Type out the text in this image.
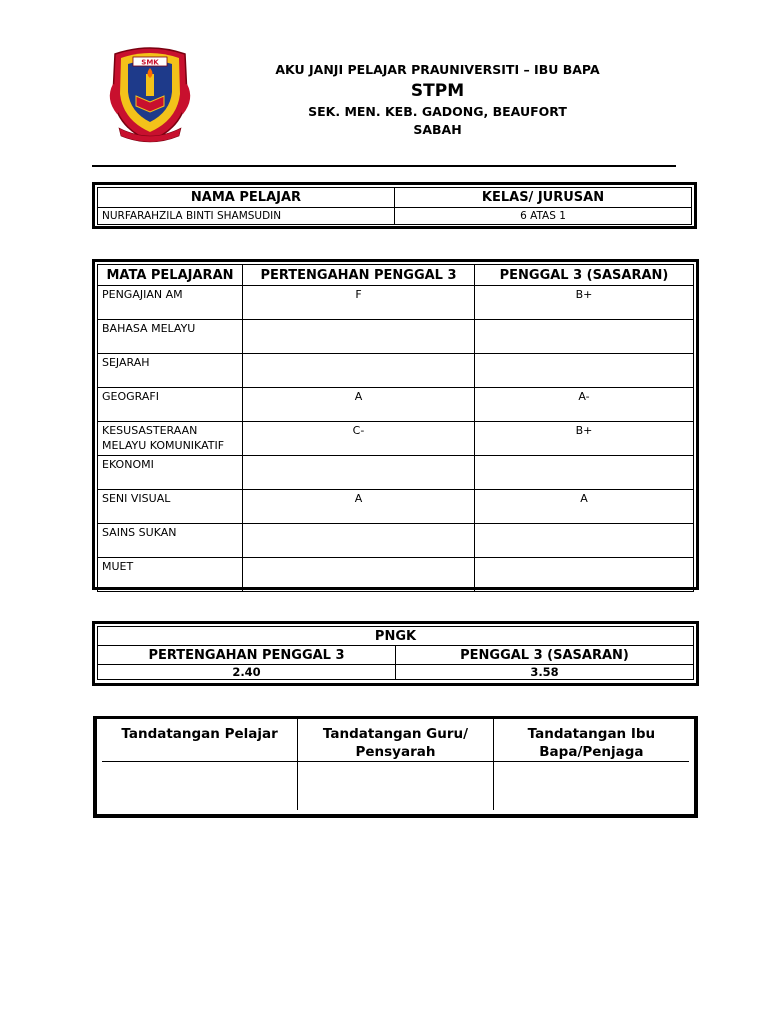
SMK	AKU JANJI PELAJAR PRAUNIVERSITI – IBU BAPA
STPM
SEK. MEN. KEB. GADONG, BEAUFORT
SABAH
NAMA PELAJAR	KELAS/ JURUSAN
NURFARAHZILA BINTI SHAMSUDIN	6 ATAS 1
MATA PELAJARAN	PERTENGAHAN PENGGAL 3	PENGGAL 3 (SASARAN)
PENGAJIAN AM	F	B+
BAHASA MELAYU		
SEJARAH		
GEOGRAFI	A	A-
KESUSASTERAAN MELAYU KOMUNIKATIF	C-	B+
EKONOMI		
SENI VISUAL	A	A
SAINS SUKAN		
MUET		
PNGK	
PERTENGAHAN PENGGAL 3	PENGGAL 3 (SASARAN)
2.40	3.58
Tandatangan Pelajar	Tandatangan Guru/ Pensyarah	Tandatangan Ibu Bapa/Penjaga
